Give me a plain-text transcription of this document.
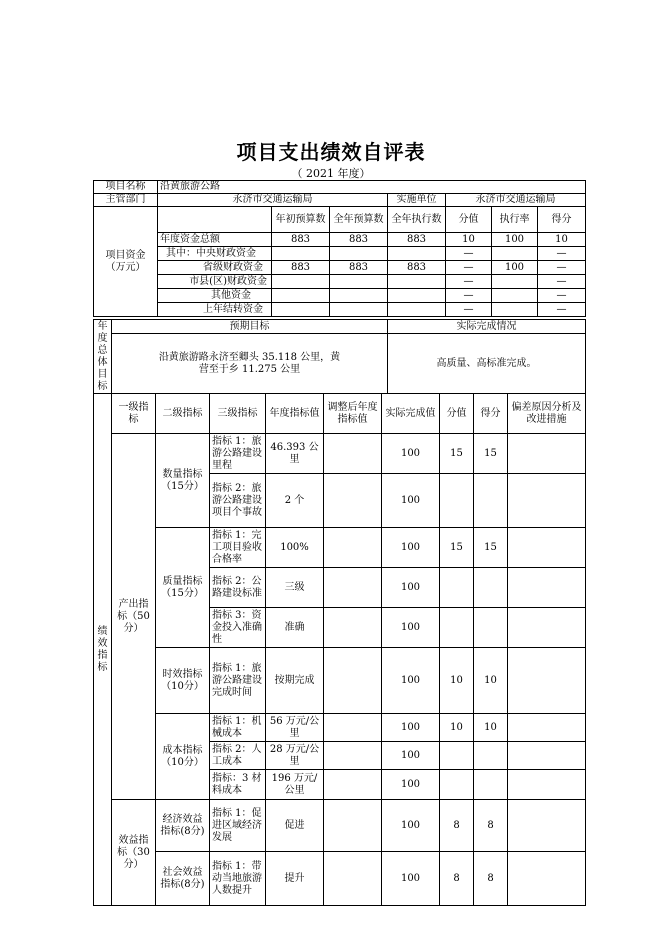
项目支出绩效自评表
（ 2021 年度）
项目名称	沿黄旅游公路						
主管部门	永济市交通运输局			实施单位	永济市交通运输局		
项目资金（万元）		年初预算数	全年预算数	全年执行数	分值	执行率	得分
	年度资金总额	883	883	883	10	100	10
	其中：中央财政资金				—		—
	省级财政资金	883	883	883	—	100	—
	市县(区)财政资金				—		—
	其他资金				—		—
	上年结转资金				—		—
年度总体目标	预期目标	实际完成情况
	沿黄旅游路永济至卿头 35.118 公里，黄营至于乡 11.275 公里	高质量、高标准完成。
绩效指标	一级指标	二级指标	三级指标	年度指标值	调整后年度指标值	实际完成值	分值	得分	偏差原因分析及改进措施
	产出指标（50分）	数量指标（15分）	指标 1：旅游公路建设里程	46.393 公里		100	15	15	
			指标 2：旅游公路建设项目个事故	2 个		100			
		质量指标（15分）	指标 1：完工项目验收合格率	100%		100	15	15	
			指标 2：公路建设标准	三级		100			
			指标 3：资金投入准确性	准确		100			
		时效指标（10分）	指标 1：旅游公路建设完成时间	按期完成		100	10	10	
		成本指标（10分）	指标 1：机械成本	56 万元/公里		100	10	10	
			指标 2：人工成本	28 万元/公里		100			
			指标：3 材料成本	196 万元/公里		100			
	效益指标（30分）	经济效益指标(8分)	指标 1：促进区域经济发展	促进		100	8	8	
		社会效益指标(8分)	指标 1：带动当地旅游人数提升	提升		100	8	8	
